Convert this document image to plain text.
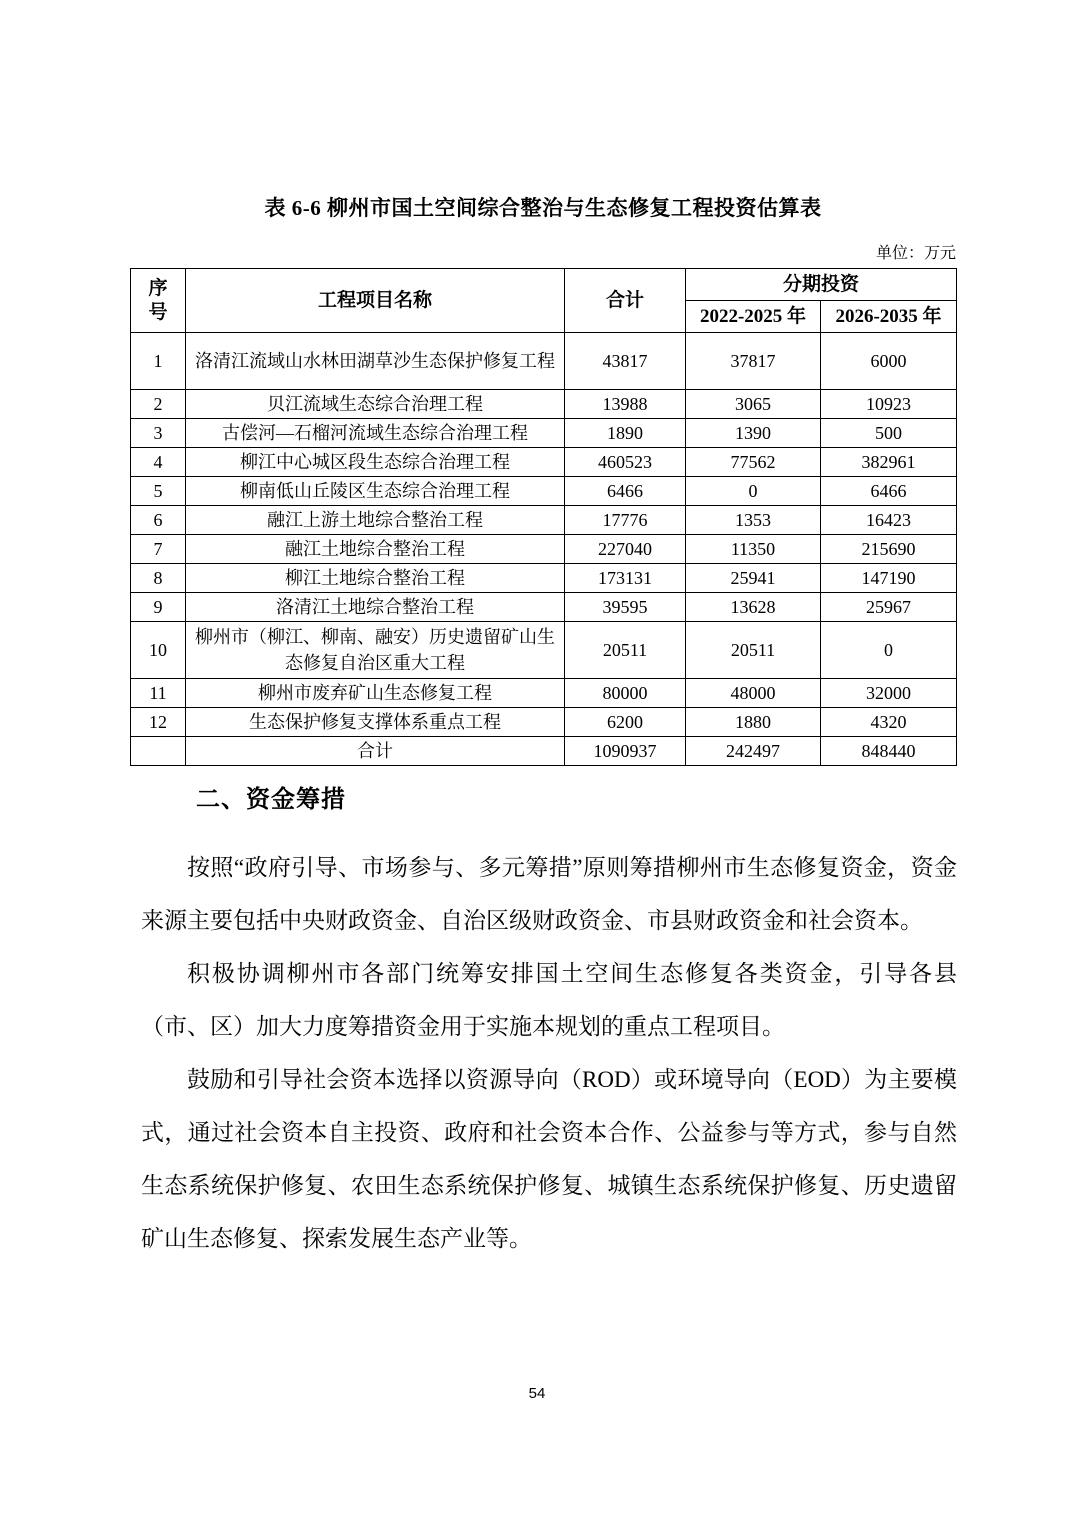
表 6-6 柳州市国土空间综合整治与生态修复工程投资估算表
单位：万元
序
号	工程项目名称	合计	分期投资	
			2022-2025 年	2026-2035 年
1	洛清江流域山水林田湖草沙生态保护修复工程	43817	37817	6000
2	贝江流域生态综合治理工程	13988	3065	10923
3	古偿河—石榴河流域生态综合治理工程	1890	1390	500
4	柳江中心城区段生态综合治理工程	460523	77562	382961
5	柳南低山丘陵区生态综合治理工程	6466	0	6466
6	融江上游土地综合整治工程	17776	1353	16423
7	融江土地综合整治工程	227040	11350	215690
8	柳江土地综合整治工程	173131	25941	147190
9	洛清江土地综合整治工程	39595	13628	25967
10	柳州市（柳江、柳南、融安）历史遗留矿山生态修复自治区重大工程	20511	20511	0
11	柳州市废弃矿山生态修复工程	80000	48000	32000
12	生态保护修复支撑体系重点工程	6200	1880	4320
	合计	1090937	242497	848440
二、资金筹措

按照“政府引导、市场参与、多元筹措”原则筹措柳州市生态修复资金，资金来源主要包括中央财政资金、自治区级财政资金、市县财政资金和社会资本。

积极协调柳州市各部门统筹安排国土空间生态修复各类资金，引导各县（市、区）加大力度筹措资金用于实施本规划的重点工程项目。

鼓励和引导社会资本选择以资源导向（ROD）或环境导向（EOD）为主要模式，通过社会资本自主投资、政府和社会资本合作、公益参与等方式，参与自然生态系统保护修复、农田生态系统保护修复、城镇生态系统保护修复、历史遗留矿山生态修复、探索发展生态产业等。

54
